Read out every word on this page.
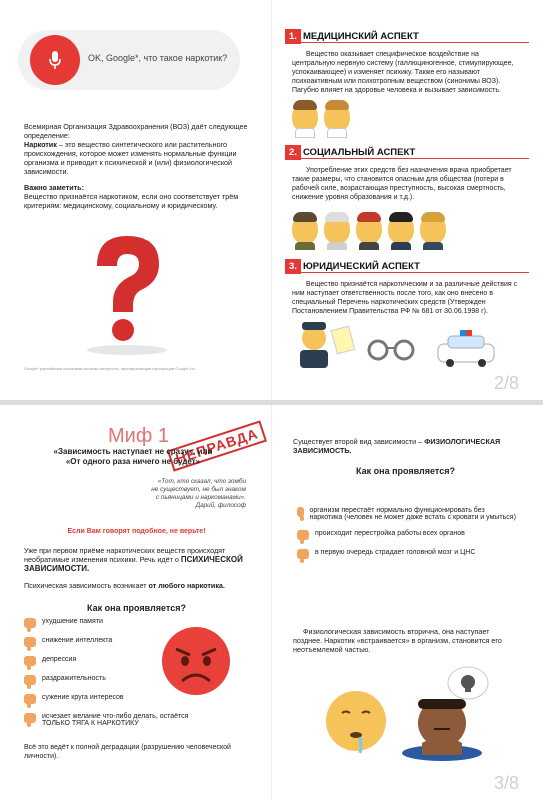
OK, Google*, что такое наркотик?

Всемирная Организация Здравоохранения (ВОЗ) даёт следующее определение:

Наркотик – это вещество синтетического или растительного происхождения, которое может изменять нормальные функции организма и приводит к психической и (или) физиологической зависимости.

Важно заметить:

Вещество признаётся наркотиком, если оно соответствует трём критериям: медицинскому, социальному и юридическому.

Google* крупнейшая поисковая система интернета, принадлежащая корпорации Google Inc.
1. МЕДИЦИНСКИЙ АСПЕКТ
Вещество оказывает специфическое воздействие на центральную нервную систему (галлюциногенное, стимулирующее, успокаивающее) и изменяет психику. Также его называют психоактивным или психотропным веществом (синонимы ВОЗ). Пагубно влияет на здоровье человека и вызывает зависимость.
2. СОЦИАЛЬНЫЙ АСПЕКТ
Употребление этих средств без назначения врача приобретает такие размеры, что становится опасным для общества (потери в рабочей силе, возрастающая преступность, высокая смертность, снижение уровня образования и т.д.).
3. ЮРИДИЧЕСКИЙ АСПЕКТ
Вещество признаётся наркотическим и за различные действия с ним наступает ответственность после того, как оно внесено в специальный Перечень наркотических средств (Утвержден Постановлением Правительства РФ № 681 от 30.06.1998 г).
2/8
Миф 1 НЕПРАВДА
«Зависимость наступает не сразу», или «От одного раза ничего не будет»
«Тот, кто сказал, что зомби не существует, не был знаком с пьяницами и наркоманами». Дарий, философ
Если Вам говорят подобное, не верьте!

Уже при первом приёме наркотических веществ происходят необратимые изменения психики. Речь идёт о ПСИХИЧЕСКОЙ ЗАВИСИМОСТИ.

Психическая зависимость возникает от любого наркотика.

Как она проявляется?
ухудшение памяти
снижение интеллекта
депрессия
раздражительность
сужение круга интересов
исчезает желание что-либо делать, остаётся ТОЛЬКО ТЯГА К НАРКОТИКУ
Всё это ведёт к полной деградации (разрушению человеческой личности).
Существует второй вид зависимости – ФИЗИОЛОГИЧЕСКАЯ ЗАВИСИМОСТЬ.
Как она проявляется?
организм перестаёт нормально функционировать без наркотика (человек не может даже встать с кровати и умыться)
происходит перестройка работы всех органов
в первую очередь страдает головной мозг и ЦНС
Физиологическая зависимость вторична, она наступает позднее. Наркотик «встраивается» в организм, становится его неотъемлемой частью.
3/8
